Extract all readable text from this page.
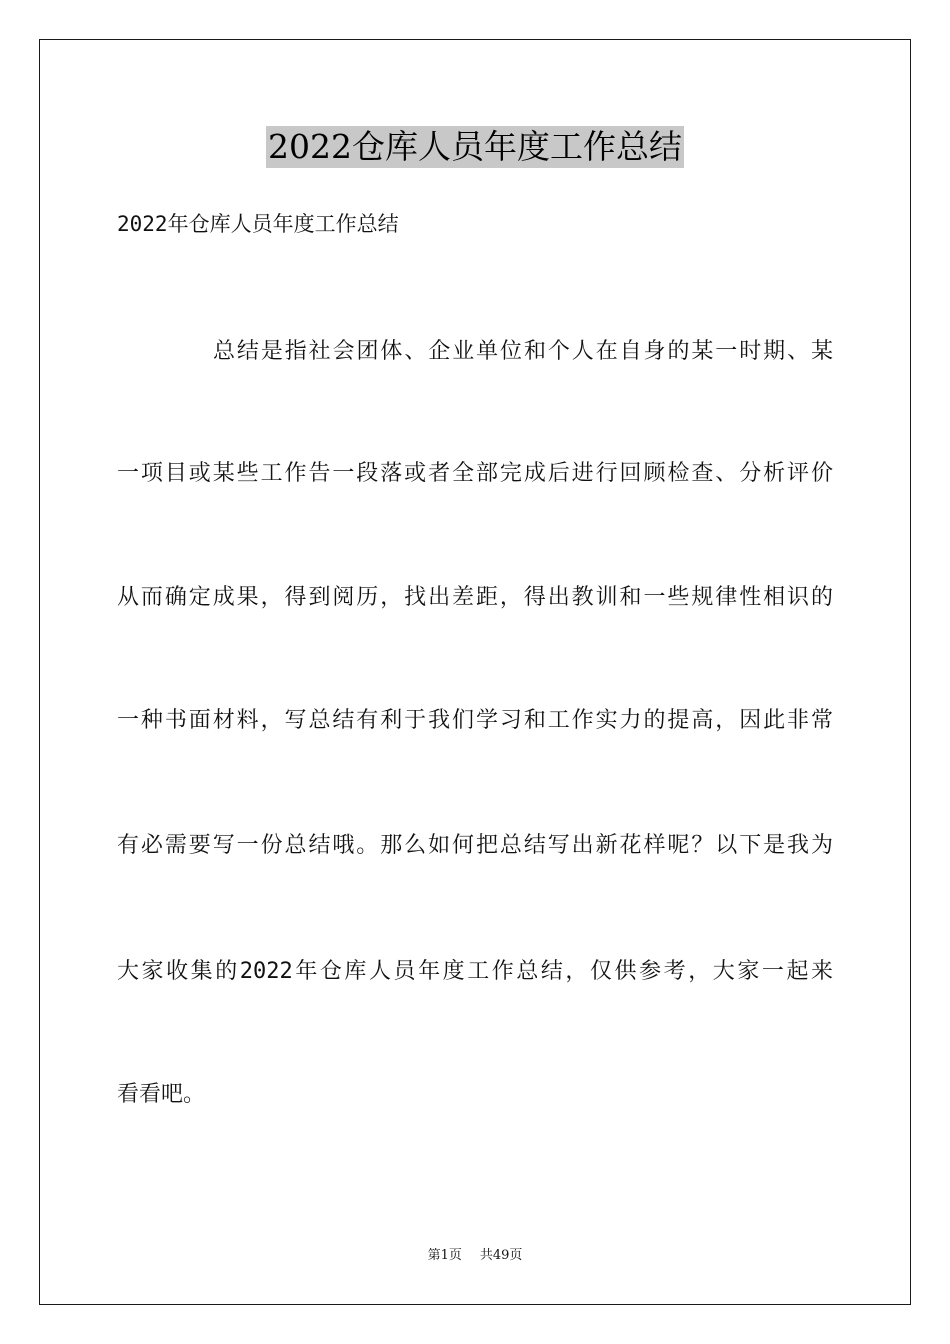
2022仓库人员年度工作总结
2022年仓库人员年度工作总结
总结是指社会团体、企业单位和个人在自身的某一时期、某
一项目或某些工作告一段落或者全部完成后进行回顾检查、分析评价
从而确定成果，得到阅历，找出差距，得出教训和一些规律性相识的
一种书面材料，写总结有利于我们学习和工作实力的提高，因此非常
有必需要写一份总结哦。那么如何把总结写出新花样呢？以下是我为
大家收集的2022年仓库人员年度工作总结，仅供参考，大家一起来
看看吧。
第1页 共49页
